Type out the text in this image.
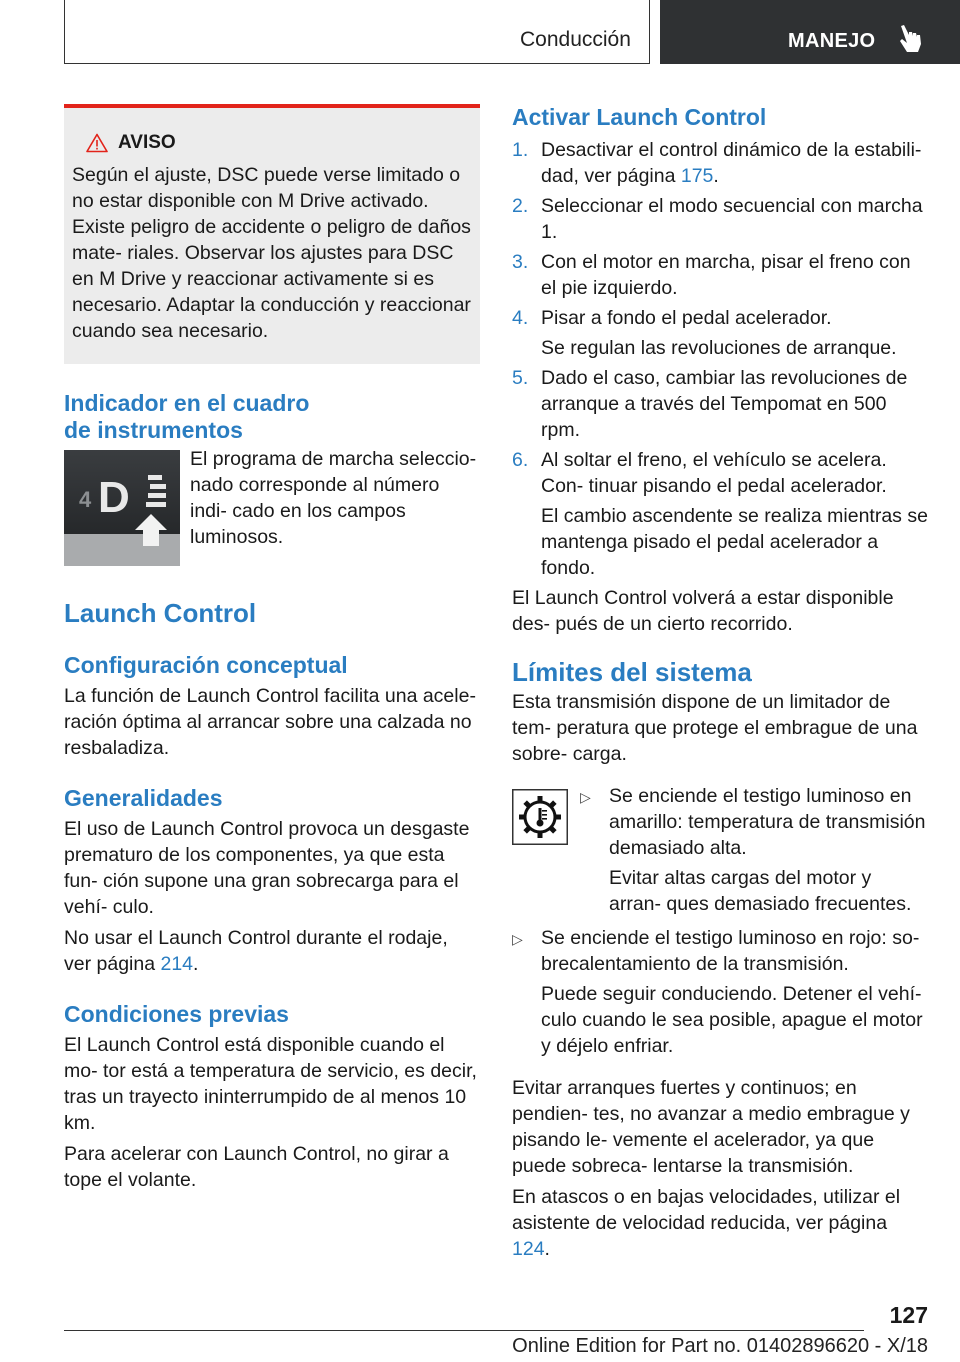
Conducción	MANEJO
AVISO

Según el ajuste, DSC puede verse limitado o no estar disponible con M Drive activado. Existe peligro de accidente o peligro de daños mate‐ riales. Observar los ajustes para DSC en M Drive y reaccionar activamente si es necesario. Adaptar la conducción y reaccionar cuando sea necesario.

Indicador en el cuadro
de instrumentos
4 D

El programa de marcha seleccio‐ nado corresponde al número indi‐ cado en los campos luminosos.

Launch Control
Configuración conceptual

La función de Launch Control facilita una acele‐ ración óptima al arrancar sobre una calzada no resbaladiza.

Generalidades

El uso de Launch Control provoca un desgaste prematuro de los componentes, ya que esta fun‐ ción supone una gran sobrecarga para el vehí‐ culo.

No usar el Launch Control durante el rodaje, ver página 214.

Condiciones previas

El Launch Control está disponible cuando el mo‐ tor está a temperatura de servicio, es decir, tras un trayecto ininterrumpido de al menos 10 km.

Para acelerar con Launch Control, no girar a tope el volante.

Activar Launch Control
1. Desactivar el control dinámico de la estabili‐ dad, ver página 175.
2. Seleccionar el modo secuencial con marcha 1.
3. Con el motor en marcha, pisar el freno con el pie izquierdo.
4. Pisar a fondo el pedal acelerador.

Se regulan las revoluciones de arranque.

5. Dado el caso, cambiar las revoluciones de arranque a través del Tempomat en 500 rpm.
6. Al soltar el freno, el vehículo se acelera. Con‐ tinuar pisando el pedal acelerador.

El cambio ascendente se realiza mientras se mantenga pisado el pedal acelerador a fondo.

El Launch Control volverá a estar disponible des‐ pués de un cierto recorrido.

Límites del sistema

Esta transmisión dispone de un limitador de tem‐ peratura que protege el embrague de una sobre‐ carga.

▷ Se enciende el testigo luminoso en amarillo: temperatura de transmisión demasiado alta.

Evitar altas cargas del motor y arran‐ ques demasiado frecuentes.

▷ Se enciende el testigo luminoso en rojo: so‐ brecalentamiento de la transmisión.

Puede seguir conduciendo. Detener el vehí‐ culo cuando le sea posible, apague el motor y déjelo enfriar.

Evitar arranques fuertes y continuos; en pendien‐ tes, no avanzar a medio embrague y pisando le‐ vemente el acelerador, ya que puede sobreca‐ lentarse la transmisión.

En atascos o en bajas velocidades, utilizar el asistente de velocidad reducida, ver página 124.

127
Online Edition for Part no. 01402896620 - X/18
